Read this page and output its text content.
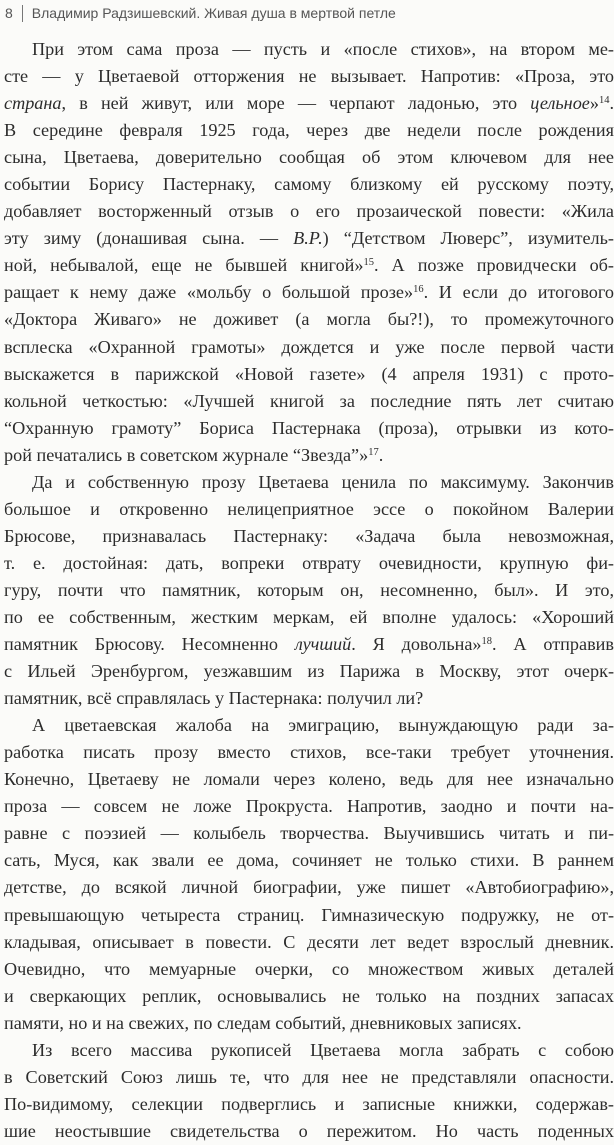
8 Владимир Радзишевский. Живая душа в мертвой петле
При этом сама проза — пусть и «после стихов», на втором ме-
сте — у Цветаевой отторжения не вызывает. Напротив: «Проза, это
страна, в ней живут, или море — черпают ладонью, это цельное»$^{14}$.
В середине февраля 1925 года, через две недели после рождения
сына, Цветаева, доверительно сообщая об этом ключевом для нее
событии Борису Пастернаку, самому близкому ей русскому поэту,
добавляет восторженный отзыв о его прозаической повести: «Жила
эту зиму (донашивая сына. — В.Р.) “Детством Люверс”, изумитель-
ной, небывалой, еще не бывшей книгой»$^{15}$. А позже провидчески об-
ращает к нему даже «мольбу о большой прозе»$^{16}$. И если до итогового
«Доктора Живаго» не доживет (а могла бы?!), то промежуточного
всплеска «Охранной грамоты» дождется и уже после первой части
выскажется в парижской «Новой газете» (4 апреля 1931) с прото-
кольной четкостью: «Лучшей книгой за последние пять лет считаю
“Охранную грамоту” Бориса Пастернака (проза), отрывки из кото-
рой печатались в советском журнале “Звезда”»$^{17}$.
Да и собственную прозу Цветаева ценила по максимуму. Закончив
большое и откровенно нелицеприятное эссе о покойном Валерии
Брюсове, признавалась Пастернаку: «Задача была невозможная,
т. е. достойная: дать, вопреки отврату очевидности, крупную фи-
гуру, почти что памятник, которым он, несомненно, был». И это,
по ее собственным, жестким меркам, ей вполне удалось: «Хороший
памятник Брюсову. Несомненно лучший. Я довольна»$^{18}$. А отправив
с Ильей Эренбургом, уезжавшим из Парижа в Москву, этот очерк-
памятник, всё справлялась у Пастернака: получил ли?
А цветаевская жалоба на эмиграцию, вынуждающую ради за-
работка писать прозу вместо стихов, все-таки требует уточнения.
Конечно, Цветаеву не ломали через колено, ведь для нее изначально
проза — совсем не ложе Прокруста. Напротив, заодно и почти на-
равне с поэзией — колыбель творчества. Выучившись читать и пи-
сать, Муся, как звали ее дома, сочиняет не только стихи. В раннем
детстве, до всякой личной биографии, уже пишет «Автобиографию»,
превышающую четыреста страниц. Гимназическую подружку, не от-
кладывая, описывает в повести. С десяти лет ведет взрослый дневник.
Очевидно, что мемуарные очерки, со множеством живых деталей
и сверкающих реплик, основывались не только на поздних запасах
памяти, но и на свежих, по следам событий, дневниковых записях.
Из всего массива рукописей Цветаева могла забрать с собою
в Советский Союз лишь те, что для нее не представляли опасности.
По-видимому, селекции подверглись и записные книжки, содержав-
шие неостывшие свидетельства о пережитом. Но часть поденных
